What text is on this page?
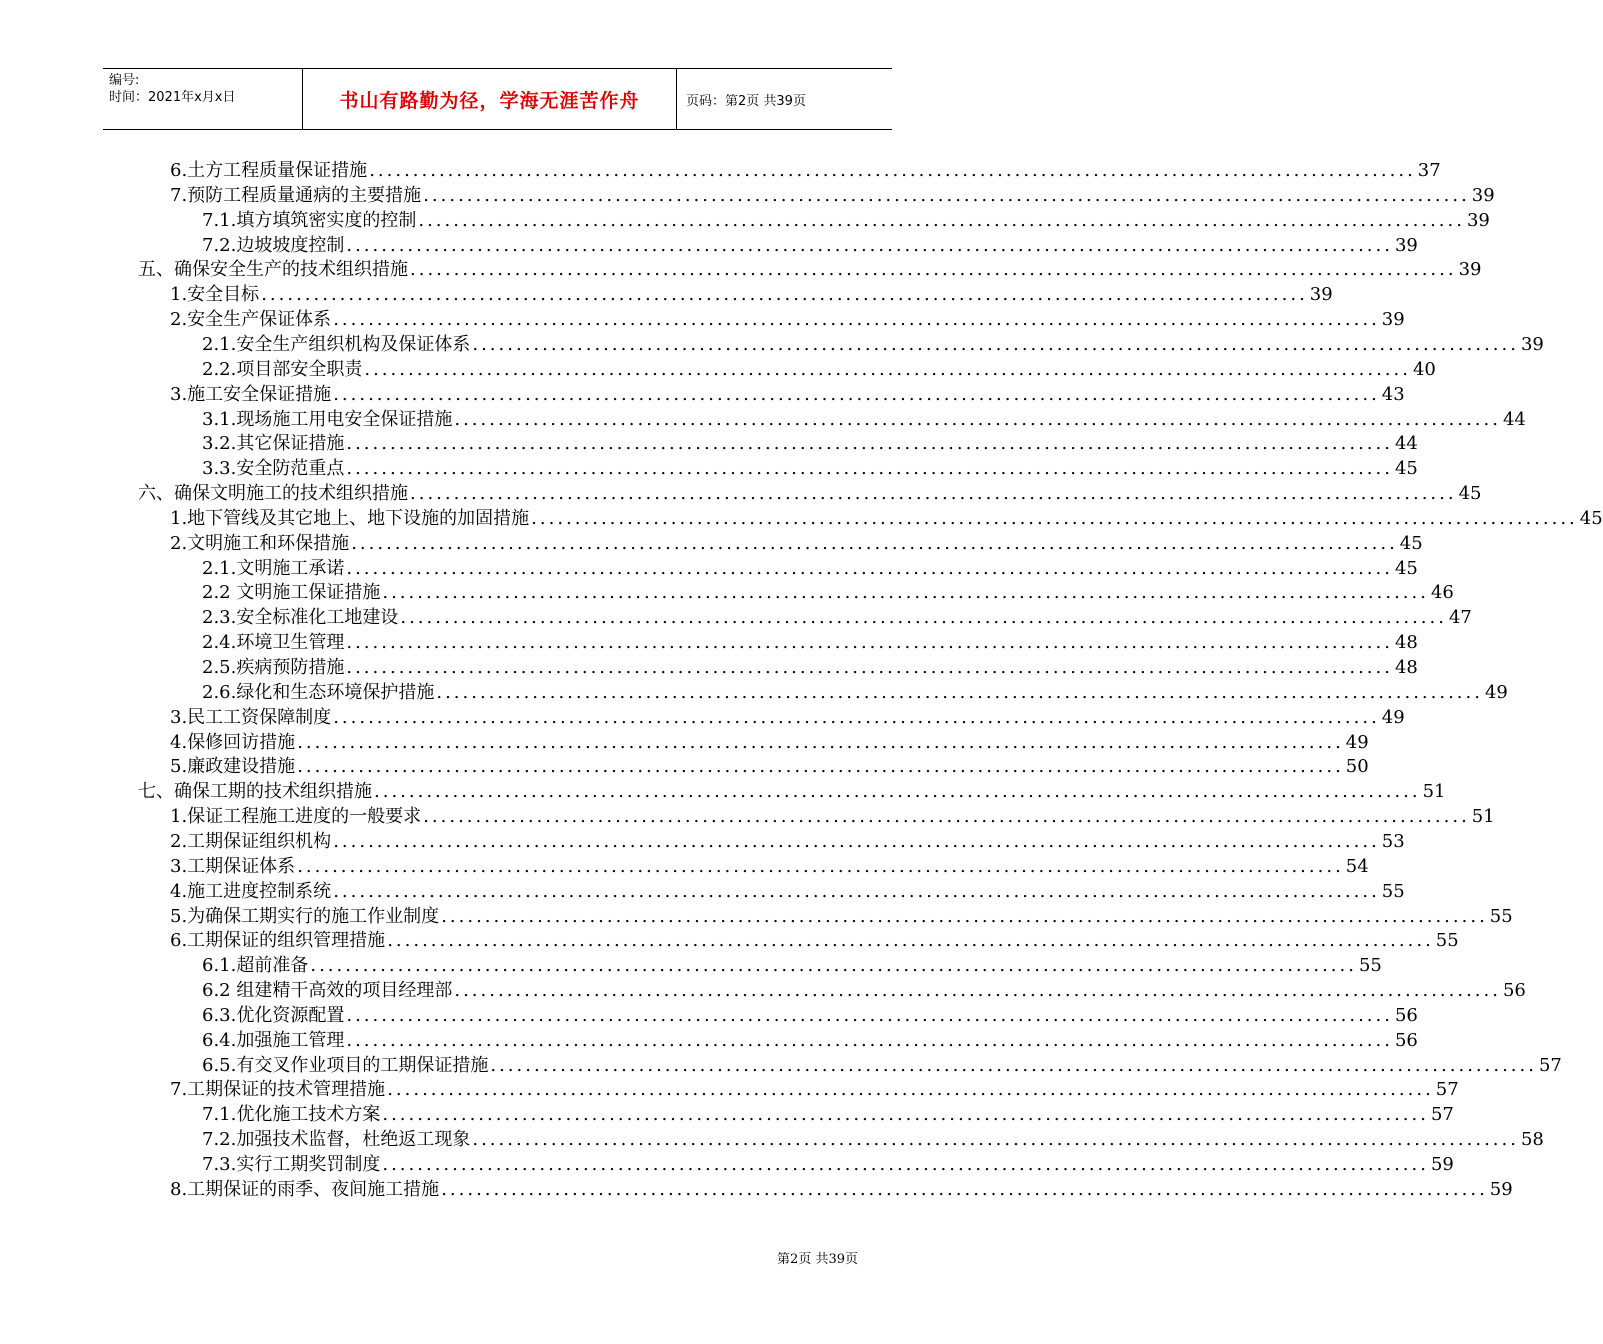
编号:
时间：2021年x月x日	书山有路勤为径，学海无涯苦作舟	页码：第2页 共39页
6.土方工程质量保证措施 ........................................................................................................................ 37
7.预防工程质量通病的主要措施 ........................................................................................................................ 39
7.1.填方填筑密实度的控制 ........................................................................................................................ 39
7.2.边坡坡度控制 ........................................................................................................................ 39
五、确保安全生产的技术组织措施 ........................................................................................................................ 39
1.安全目标 ........................................................................................................................ 39
2.安全生产保证体系 ........................................................................................................................ 39
2.1.安全生产组织机构及保证体系 ........................................................................................................................ 39
2.2.项目部安全职责 ........................................................................................................................ 40
3.施工安全保证措施 ........................................................................................................................ 43
3.1.现场施工用电安全保证措施 ........................................................................................................................ 44
3.2.其它保证措施 ........................................................................................................................ 44
3.3.安全防范重点 ........................................................................................................................ 45
六、确保文明施工的技术组织措施 ........................................................................................................................ 45
1.地下管线及其它地上、地下设施的加固措施 ........................................................................................................................ 45
2.文明施工和环保措施 ........................................................................................................................ 45
2.1.文明施工承诺 ........................................................................................................................ 45
2.2 文明施工保证措施 ........................................................................................................................ 46
2.3.安全标准化工地建设 ........................................................................................................................ 47
2.4.环境卫生管理 ........................................................................................................................ 48
2.5.疾病预防措施 ........................................................................................................................ 48
2.6.绿化和生态环境保护措施 ........................................................................................................................ 49
3.民工工资保障制度 ........................................................................................................................ 49
4.保修回访措施 ........................................................................................................................ 49
5.廉政建设措施 ........................................................................................................................ 50
七、确保工期的技术组织措施 ........................................................................................................................ 51
1.保证工程施工进度的一般要求 ........................................................................................................................ 51
2.工期保证组织机构 ........................................................................................................................ 53
3.工期保证体系 ........................................................................................................................ 54
4.施工进度控制系统 ........................................................................................................................ 55
5.为确保工期实行的施工作业制度 ........................................................................................................................ 55
6.工期保证的组织管理措施 ........................................................................................................................ 55
6.1.超前准备 ........................................................................................................................ 55
6.2 组建精干高效的项目经理部 ........................................................................................................................ 56
6.3.优化资源配置 ........................................................................................................................ 56
6.4.加强施工管理 ........................................................................................................................ 56
6.5.有交叉作业项目的工期保证措施 ........................................................................................................................ 57
7.工期保证的技术管理措施 ........................................................................................................................ 57
7.1.优化施工技术方案 ........................................................................................................................ 57
7.2.加强技术监督，杜绝返工现象 ........................................................................................................................ 58
7.3.实行工期奖罚制度 ........................................................................................................................ 59
8.工期保证的雨季、夜间施工措施 ........................................................................................................................ 59
第2页 共39页
